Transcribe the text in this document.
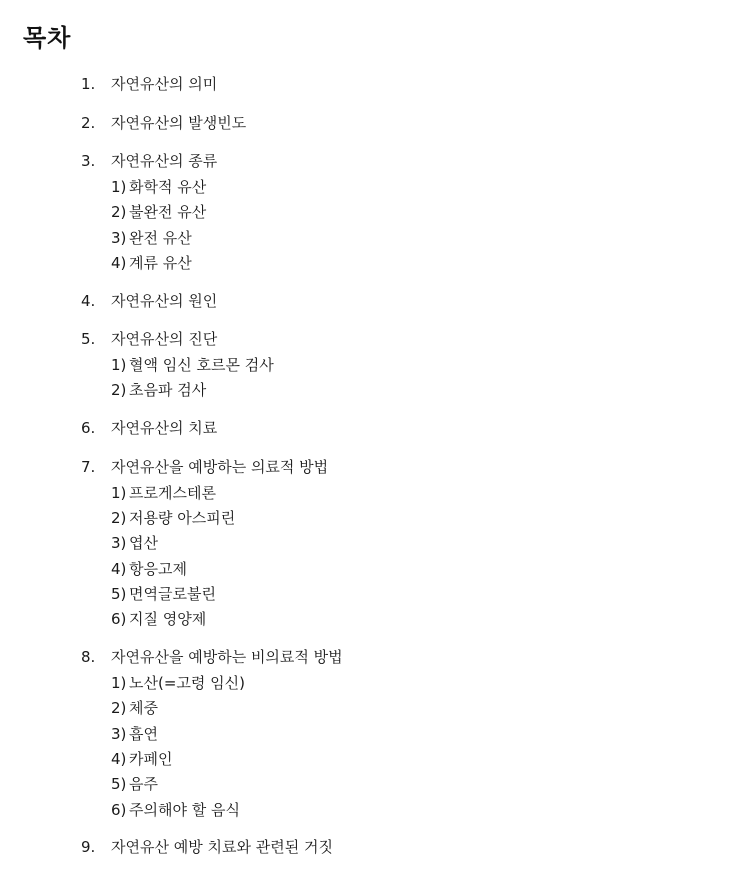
목차
1.	자연유산의 의미
2.	자연유산의 발생빈도
3.	자연유산의 종류
1) 화학적 유산
2) 불완전 유산
3) 완전 유산
4) 계류 유산
4.	자연유산의 원인
5.	자연유산의 진단
1) 혈액 임신 호르몬 검사
2) 초음파 검사
6.	자연유산의 치료
7.	자연유산을 예방하는 의료적 방법
1) 프로게스테론
2) 저용량 아스피린
3) 엽산
4) 항응고제
5) 면역글로불린
6) 지질 영양제
8.	자연유산을 예방하는 비의료적 방법
1) 노산(=고령 임신)
2) 체중
3) 흡연
4) 카페인
5) 음주
6) 주의해야 할 음식
9.	자연유산 예방 치료와 관련된 거짓
